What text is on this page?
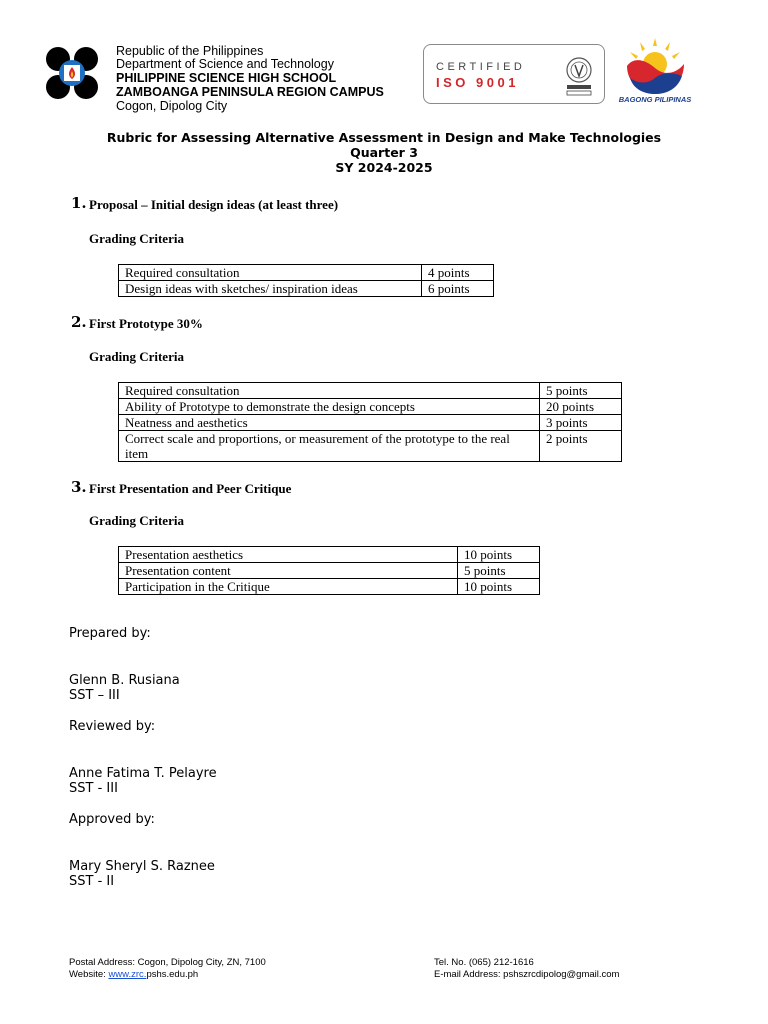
Republic of the Philippines
Department of Science and Technology
PHILIPPINE SCIENCE HIGH SCHOOL
ZAMBOANGA PENINSULA REGION CAMPUS
Cogon, Dipolog City
CERTIFIED
ISO 9001
BAGONG PILIPINAS
Rubric for Assessing Alternative Assessment in Design and Make Technologies
Quarter 3
SY 2024-2025
1. Proposal – Initial design ideas (at least three)
Grading Criteria
Required consultation	4 points
Design ideas with sketches/ inspiration ideas	6 points
2. First Prototype 30%
Grading Criteria
Required consultation	5 points
Ability of Prototype to demonstrate the design concepts	20 points
Neatness and aesthetics	3 points
Correct scale and proportions, or measurement of the prototype to the real item	2 points
3. First Presentation and Peer Critique
Grading Criteria
Presentation aesthetics	10 points
Presentation content	5 points
Participation in the Critique	10 points
Prepared by:
Glenn B. Rusiana
SST – III
Reviewed by:
Anne Fatima T. Pelayre
SST - III
Approved by:
Mary Sheryl S. Raznee
SST - II
Postal Address: Cogon, Dipolog City, ZN, 7100
Website: www.zrc.pshs.edu.ph
Tel. No. (065) 212-1616
E-mail Address: pshszrcdipolog@gmail.com
